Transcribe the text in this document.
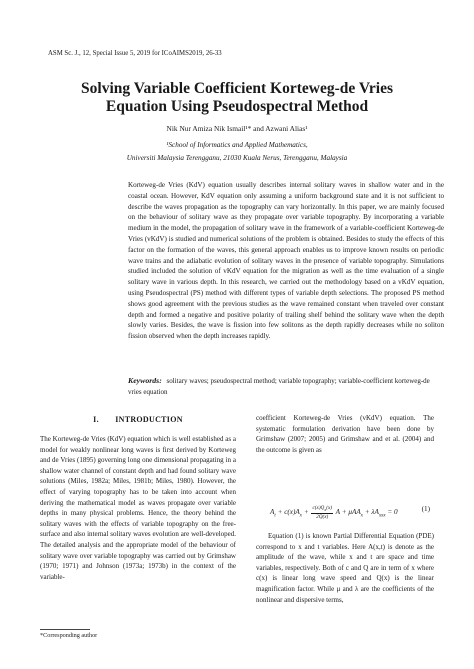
ASM Sc. J., 12, Special Issue 5, 2019 for ICoAIMS2019, 26-33
Solving Variable Coefficient Korteweg-de Vries
Equation Using Pseudospectral Method
Nik Nur Amiza Nik Ismail¹* and Azwani Alias¹
¹School of Informatics and Applied Mathematics,
Universiti Malaysia Terengganu, 21030 Kuala Nerus, Terengganu, Malaysia

Korteweg-de Vries (KdV) equation usually describes internal solitary waves in shallow water and in the coastal ocean. However, KdV equation only assuming a uniform background state and it is not sufficient to describe the waves propagation as the topography can vary horizontally. In this paper, we are mainly focused on the behaviour of solitary wave as they propagate over variable topography. By incorporating a variable medium in the model, the propagation of solitary wave in the framework of a variable-coefficient Korteweg-de Vries (vKdV) is studied and numerical solutions of the problem is obtained. Besides to study the effects of this factor on the formation of the waves, this general approach enables us to improve known results on periodic wave trains and the adiabatic evolution of solitary waves in the presence of variable topography. Simulations studied included the solution of vKdV equation for the migration as well as the time evaluation of a single solitary wave in various depth. In this research, we carried out the methodology based on a vKdV equation, using Pseudospectral (PS) method with different types of variable depth selections. The proposed PS method shows good agreement with the previous studies as the wave remained constant when traveled over constant depth and formed a negative and positive polarity of trailing shelf behind the solitary wave when the depth slowly varies. Besides, the wave is fission into few solitons as the depth rapidly decreases while no soliton fission observed when the depth increases rapidly.

Keywords: solitary waves; pseudospectral method; variable topography; variable-coefficient korteweg-de vries equation

I. INTRODUCTION

The Korteweg-de Vries (KdV) equation which is well established as a model for weakly nonlinear long waves is first derived by Korteweg and de Vries (1895) governing long one dimensional propagating in a shallow water channel of constant depth and had found solitary wave solutions (Miles, 1982a; Miles, 1981b; Miles, 1980). However, the effect of varying topography has to be taken into account when deriving the mathematical model as waves propagate over variable depths in many physical problems. Hence, the theory behind the solitary waves with the effects of variable topography on the free-surface and also internal solitary waves evolution are well-developed. The detailed analysis and the appropriate model of the behaviour of solitary wave over variable topography was carried out by Grimshaw (1970; 1971) and Johnson (1973a; 1973b) in the context of the variable-

coefficient Korteweg-de Vries (vKdV) equation. The systematic formulation derivation have been done by Grimshaw (2007; 2005) and Grimshaw and et al. (2004) and the outcome is given as

$A_t + c(x)A_x + \frac{c(x)Q_x(x)}{2Q(x)}$ $A + \mu AA_x + \lambda A_{xxx} = 0$	(1)

Equation (1) is known Partial Differential Equation (PDE) correspond to x and t variables. Here A(x,t) is denote as the amplitude of the wave, while x and t are space and time variables, respectively. Both of c and Q are in term of x where c(x) is linear long wave speed and Q(x) is the linear magnification factor. While μ and λ are the coefficients of the nonlinear and dispersive terms,

*Corresponding author
